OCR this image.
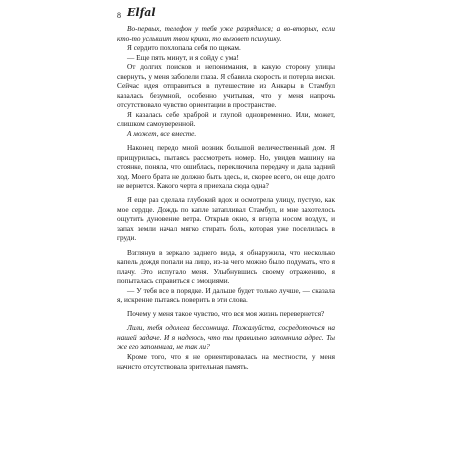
8 Elfal

Во-первых, телефон у тебя уже разрядился; а во-вторых, если кто-то услышит твои крики, то вызовет психушку.

Я сердито похлопала себя по щекам.

— Еще пять минут, и я сойду с ума!

От долгих поисков и непонимания, в какую сторону улицы свернуть, у меня заболели глаза. Я сбавила скорость и потерла виски. Сейчас идея отправиться в путешествие из Анкары в Стамбул казалась безумной, особенно учитывая, что у меня напрочь отсутствовало чувство ориентации в пространстве.

Я казалась себе храброй и глупой одновременно. Или, может, слишком самоуверенной.

А может, все вместе.

Наконец передо мной возник большой величественный дом. Я прищурилась, пытаясь рассмотреть номер. Но, увидев машину на стоянке, поняла, что ошиблась, переключила передачу и дала задний ход. Моего брата не должно быть здесь, и, скорее всего, он еще долго не вернется. Какого черта я приехала сюда одна?

Я еще раз сделала глубокий вдох и осмотрела улицу, пустую, как мое сердце. Дождь по капле затапливал Стамбул, и мне захотелось ощутить дуновение ветра. Открыв окно, я вгнула носом воздух, и запах земли начал мягко стирать боль, которая уже поселилась в груди.

Взглянув в зеркало заднего вида, я обнаружила, что несколько капель дождя попали на лицо, из-за чего можно было подумать, что я плачу. Это испугало меня. Улыбнувшись своему отражению, я попыталась справиться с эмоциями.

— У тебя все в порядке. И дальше будет только лучше, — сказала я, искренне пытаясь поверить в эти слова.

Почему у меня такое чувство, что вся моя жизнь перевернется?

Лили, тебя одолела бессонница. Пожалуйста, сосредоточься на нашей задаче. И я надеюсь, что ты правильно запомнила адрес. Ты же его запомнила, не так ли?

Кроме того, что я не ориентировалась на местности, у меня начисто отсутствовала зрительная память.
